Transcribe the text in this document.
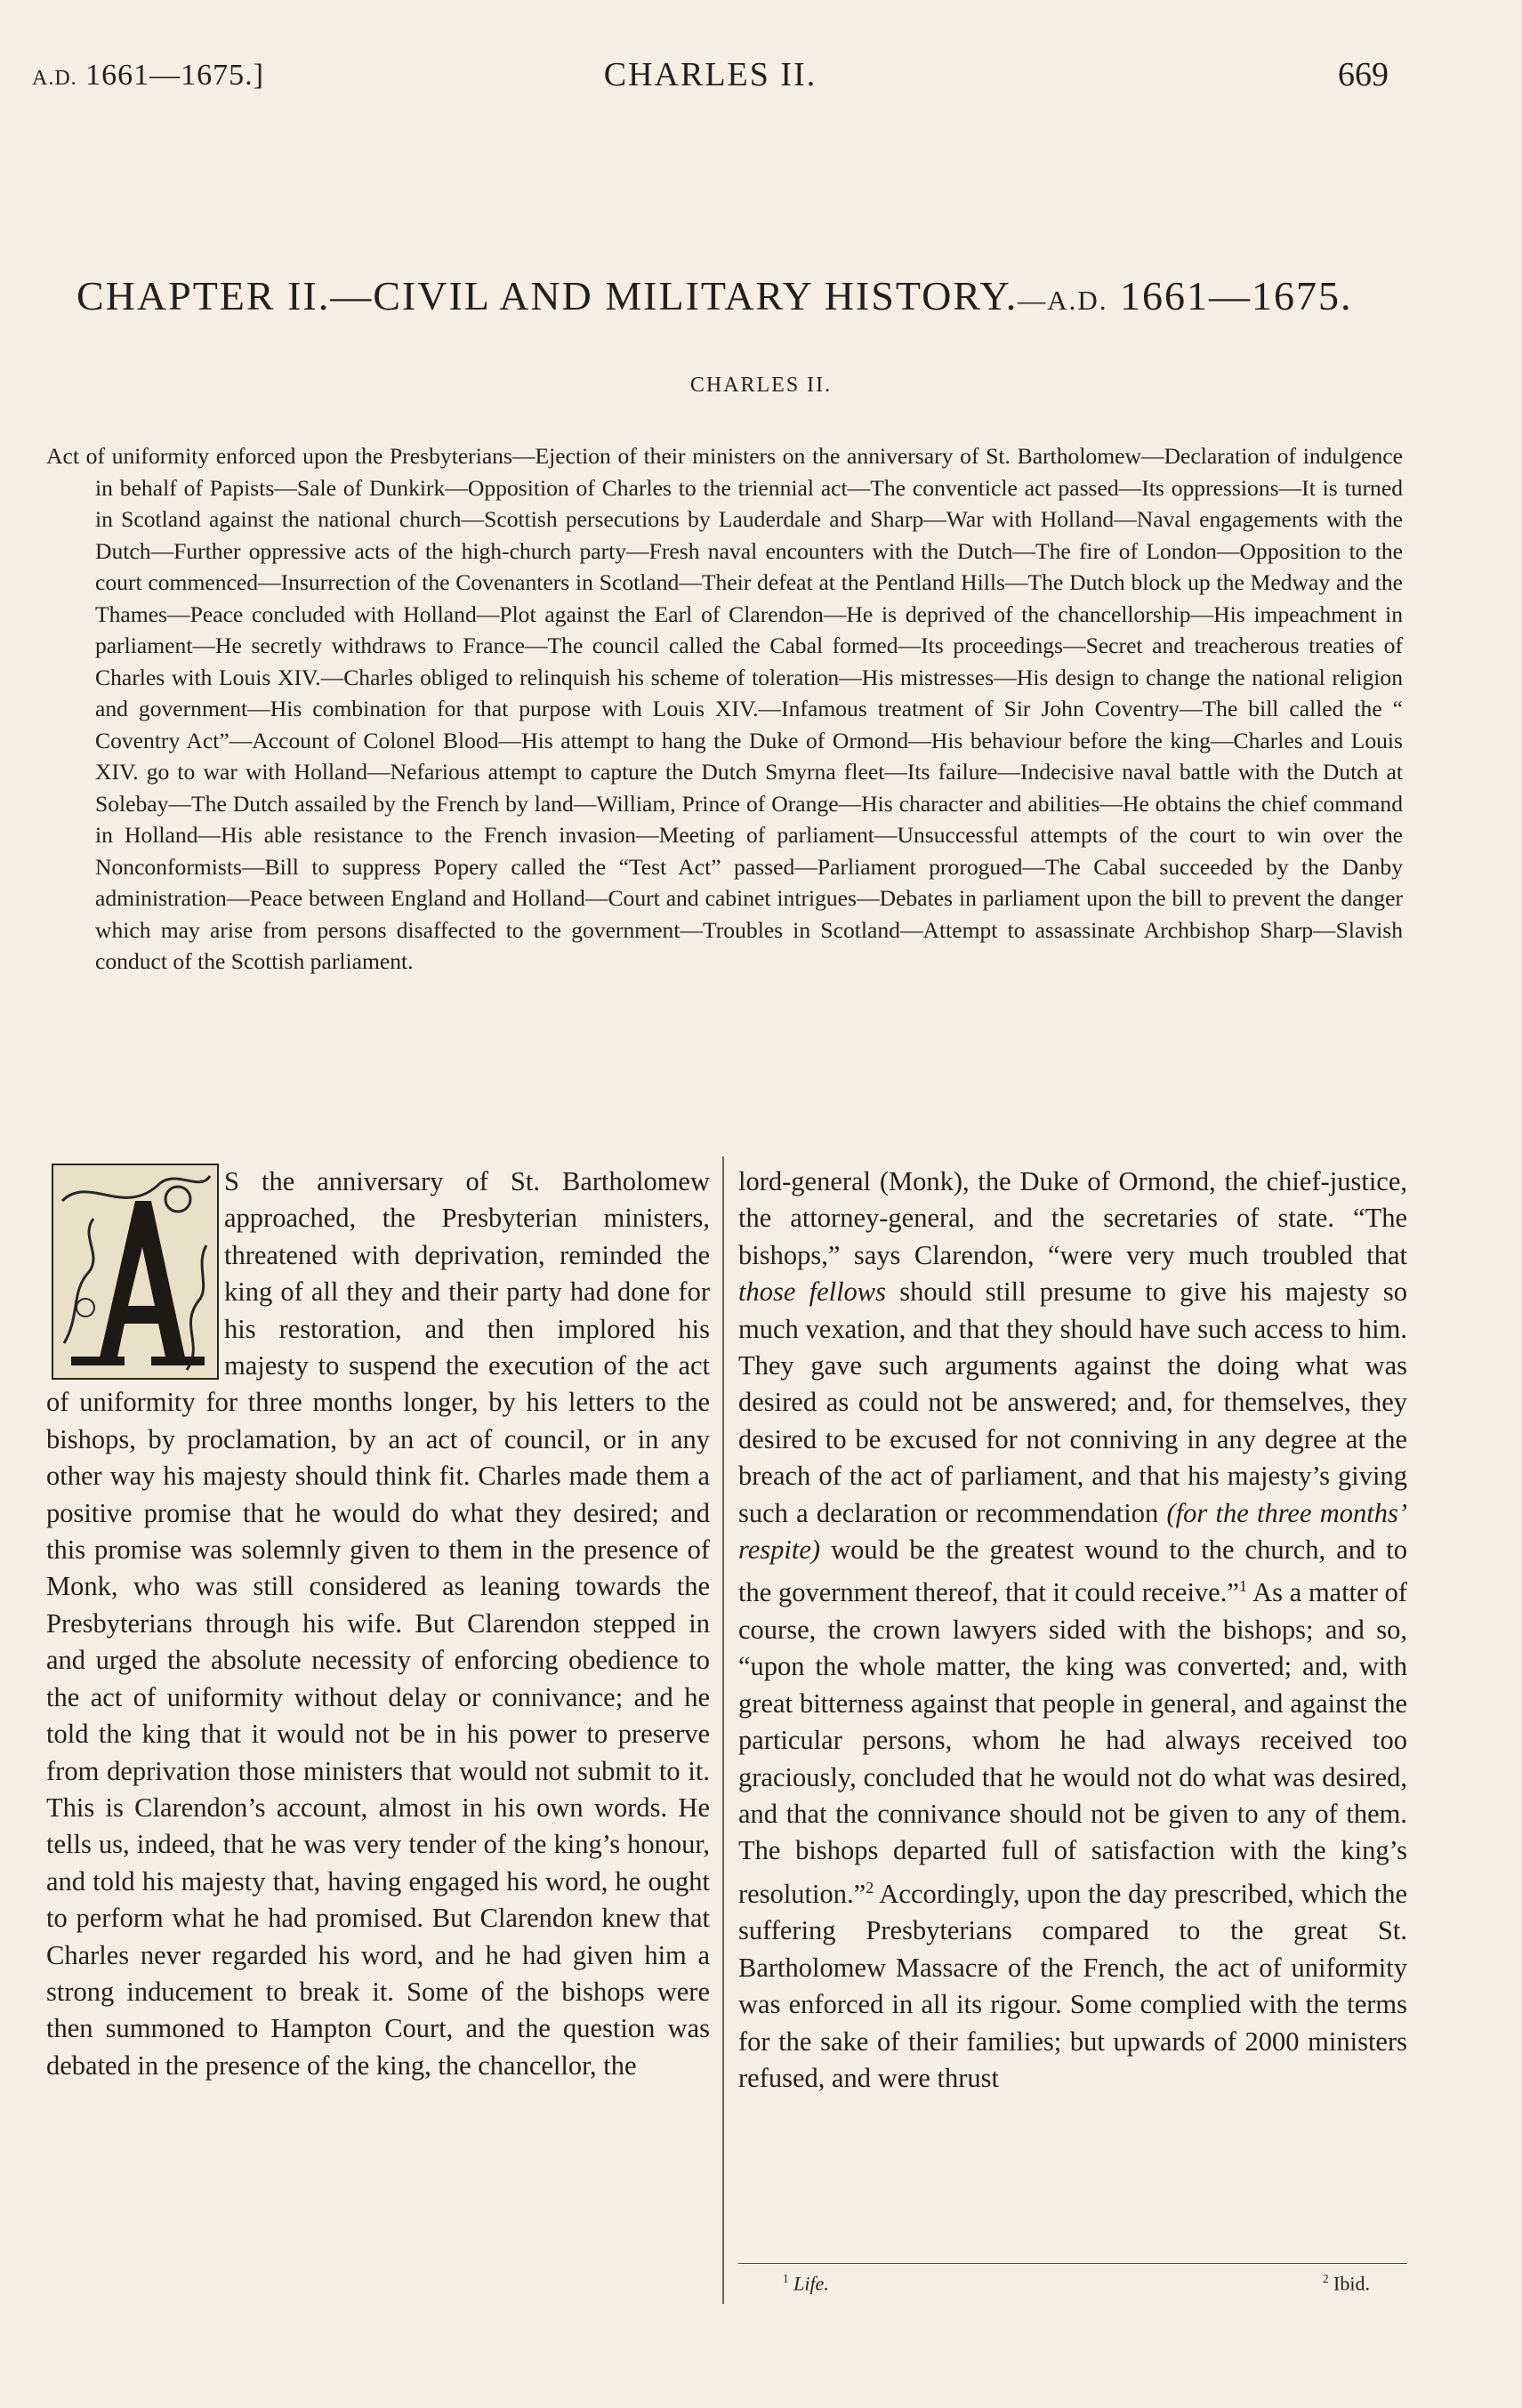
A.D. 1661—1675.]	CHARLES II.	669
CHAPTER II.—CIVIL AND MILITARY HISTORY.—A.D. 1661—1675.
CHARLES II.
Act of uniformity enforced upon the Presbyterians—Ejection of their ministers on the anniversary of St. Bartholomew—Declaration of indulgence in behalf of Papists—Sale of Dunkirk—Opposition of Charles to the triennial act—The conventicle act passed—Its oppressions—It is turned in Scotland against the national church—Scottish persecutions by Lauderdale and Sharp—War with Holland—Naval engagements with the Dutch—Further oppressive acts of the high-church party—Fresh naval encounters with the Dutch—The fire of London—Opposition to the court commenced—Insurrection of the Covenanters in Scotland—Their defeat at the Pentland Hills—The Dutch block up the Medway and the Thames—Peace concluded with Holland—Plot against the Earl of Clarendon—He is deprived of the chancellorship—His impeachment in parliament—He secretly withdraws to France—The council called the Cabal formed—Its proceedings—Secret and treacherous treaties of Charles with Louis XIV.—Charles obliged to relinquish his scheme of toleration—His mistresses—His design to change the national religion and government—His combination for that purpose with Louis XIV.—Infamous treatment of Sir John Coventry—The bill called the “ Coventry Act”—Account of Colonel Blood—His attempt to hang the Duke of Ormond—His behaviour before the king—Charles and Louis XIV. go to war with Holland—Nefarious attempt to capture the Dutch Smyrna fleet—Its failure—Indecisive naval battle with the Dutch at Solebay—The Dutch assailed by the French by land—William, Prince of Orange—His character and abilities—He obtains the chief command in Holland—His able resistance to the French invasion—Meeting of parliament—Unsuccessful attempts of the court to win over the Nonconformists—Bill to suppress Popery called the “Test Act” passed—Parliament prorogued—The Cabal succeeded by the Danby administration—Peace between England and Holland—Court and cabinet intrigues—Debates in parliament upon the bill to prevent the danger which may arise from persons disaffected to the government—Troubles in Scotland—Attempt to assassinate Archbishop Sharp—Slavish conduct of the Scottish parliament.
S the anniversary of St. Bartholomew approached, the Presbyterian ministers, threatened with deprivation, reminded the king of all they and their party had done for his restoration, and then implored his majesty to suspend the execution of the act of uniformity for three months longer, by his letters to the bishops, by proclamation, by an act of council, or in any other way his majesty should think fit. Charles made them a positive promise that he would do what they desired; and this promise was solemnly given to them in the presence of Monk, who was still considered as leaning towards the Presbyterians through his wife. But Clarendon stepped in and urged the absolute necessity of enforcing obedience to the act of uniformity without delay or connivance; and he told the king that it would not be in his power to preserve from deprivation those ministers that would not submit to it. This is Clarendon’s account, almost in his own words. He tells us, indeed, that he was very tender of the king’s honour, and told his majesty that, having engaged his word, he ought to perform what he had promised. But Clarendon knew that Charles never regarded his word, and he had given him a strong inducement to break it. Some of the bishops were then summoned to Hampton Court, and the question was debated in the presence of the king, the chancellor, the
lord-general (Monk), the Duke of Ormond, the chief-justice, the attorney-general, and the secretaries of state. “The bishops,” says Clarendon, “were very much troubled that those fellows should still presume to give his majesty so much vexation, and that they should have such access to him. They gave such arguments against the doing what was desired as could not be answered; and, for themselves, they desired to be excused for not conniving in any degree at the breach of the act of parliament, and that his majesty’s giving such a declaration or recommendation (for the three months’ respite) would be the greatest wound to the church, and to the government thereof, that it could receive.”$^1$ As a matter of course, the crown lawyers sided with the bishops; and so, “upon the whole matter, the king was converted; and, with great bitterness against that people in general, and against the particular persons, whom he had always received too graciously, concluded that he would not do what was desired, and that the connivance should not be given to any of them. The bishops departed full of satisfaction with the king’s resolution.”$^2$ Accordingly, upon the day prescribed, which the suffering Presbyterians compared to the great St. Bartholomew Massacre of the French, the act of uniformity was enforced in all its rigour. Some complied with the terms for the sake of their families; but upwards of 2000 ministers refused, and were thrust
$^1$ Life.	$^2$ Ibid.
